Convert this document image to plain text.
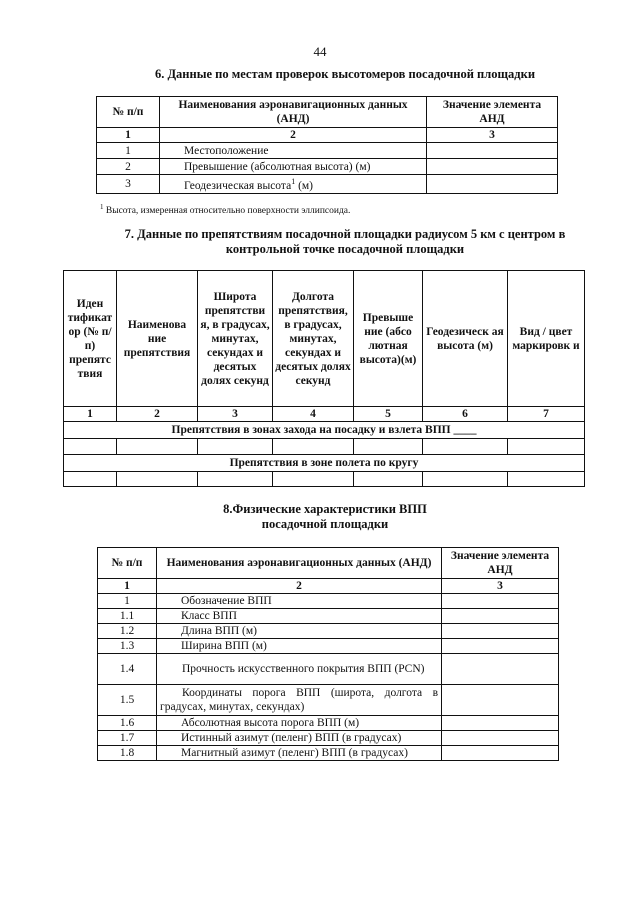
44
6. Данные по местам проверок высотомеров посадочной площадки
№ п/п	Наименования аэронавигационных данных (АНД)	Значение элемента АНД
1	2	3
1	Местоположение	
2	Превышение (абсолютная высота) (м)	
3	Геодезическая высота$^1$ (м)	
$^1$ Высота, измеренная относительно поверхности эллипсоида.
7. Данные по препятствиям посадочной площадки радиусом 5 км с центром в
контрольной точке посадочной площадки
Иден тификат ор (№ п/п) препятс твия	Наименова ние препятствия	Широта препятстви я, в градусах, минутах, секундах и десятых долях секунд	Долгота препятствия, в градусах, минутах, секундах и десятых долях секунд	Превыше ние (абсо лютная высота)(м)	Геодезическ ая высота (м)	Вид / цвет маркировк и
1	2	3	4	5	6	7
Препятствия в зонах захода на посадку и взлета ВПП ____						

Препятствия в зоне полета по кругу						

8.Физические характеристики ВПП
посадочной площадки
№ п/п	Наименования аэронавигационных данных (АНД)	Значение элемента АНД
1	2	3
1	Обозначение ВПП	
1.1	Класс ВПП	
1.2	Длина ВПП (м)	
1.3	Ширина ВПП (м)	
1.4	Прочность искусственного покрытия ВПП (PCN)	
1.5	Координаты порога ВПП (широта, долгота в градусах, минутах, секундах)	
1.6	Абсолютная высота порога ВПП (м)	
1.7	Истинный азимут (пеленг) ВПП (в градусах)	
1.8	Магнитный азимут (пеленг) ВПП (в градусах)	
